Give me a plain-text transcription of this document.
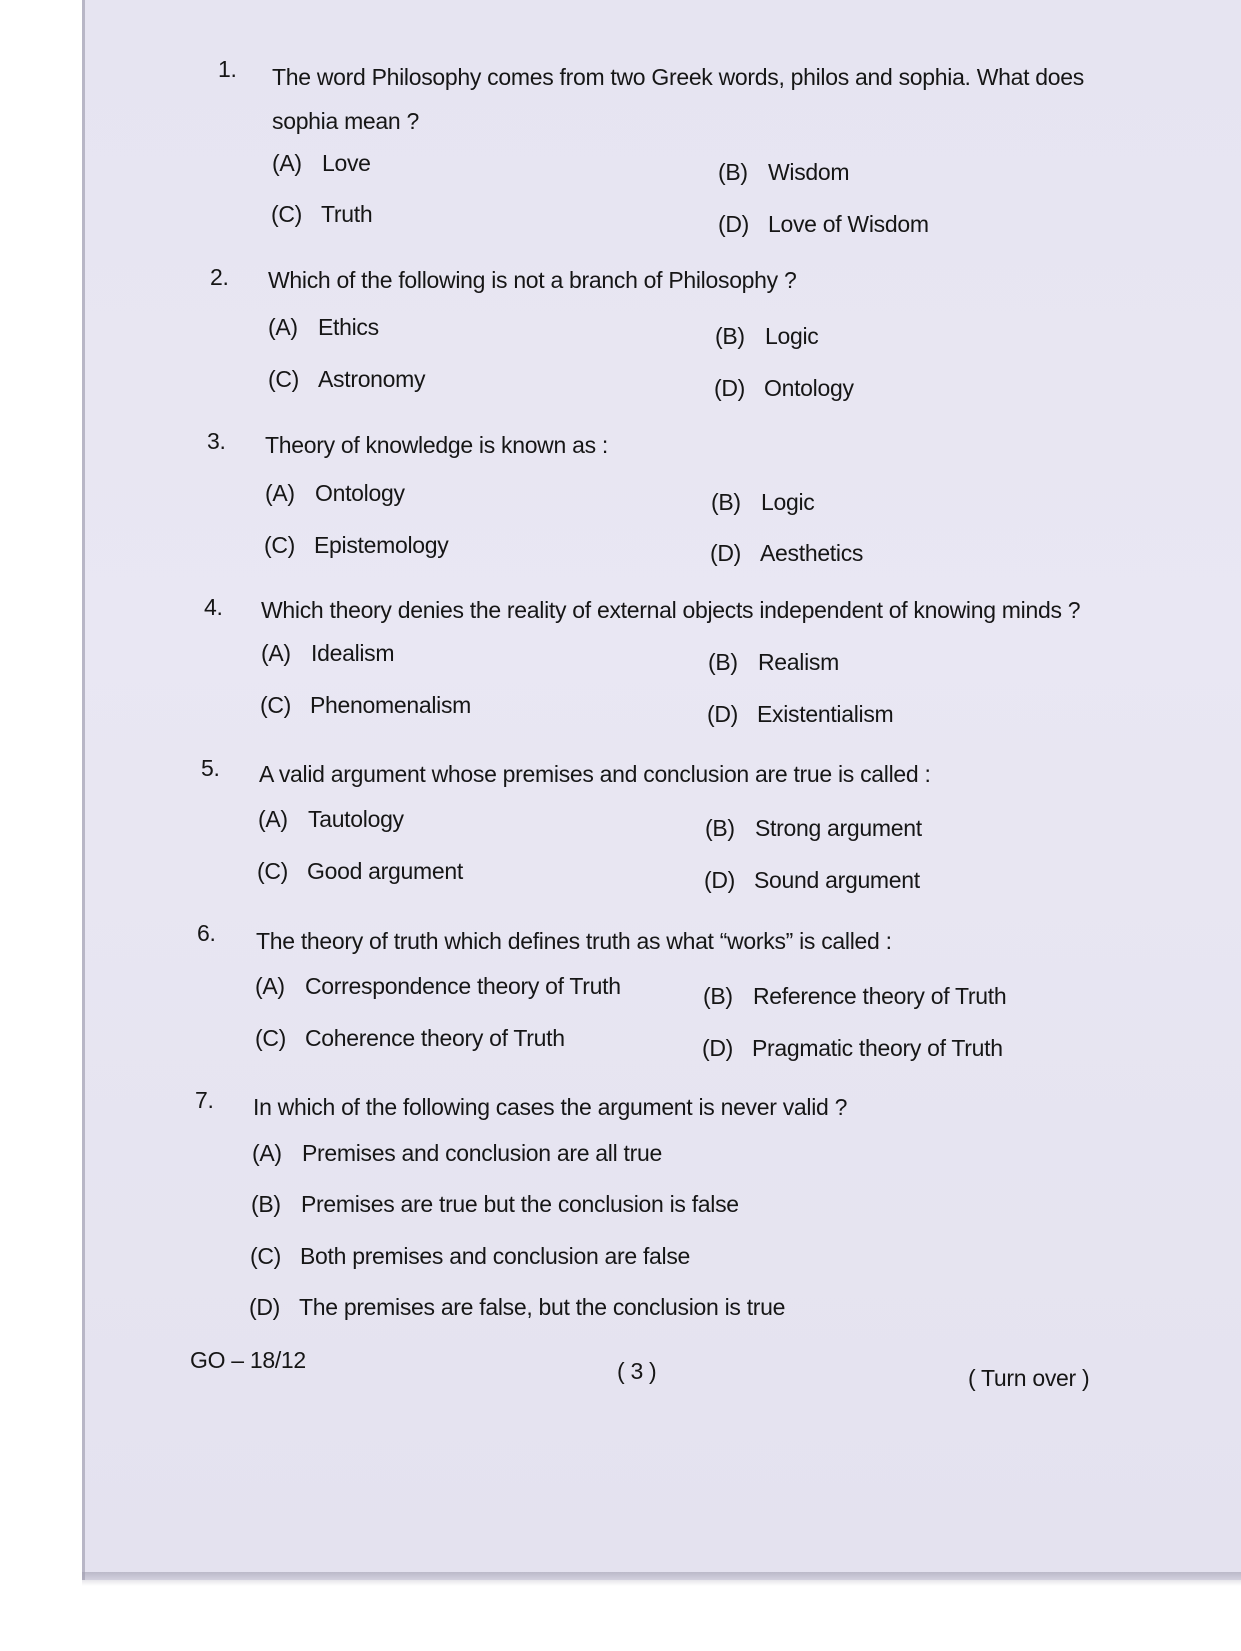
1. The word Philosophy comes from two Greek words, philos and sophia. What does sophia mean ?
(A) Love	(B) Wisdom
(C) Truth	(D) Love of Wisdom
2. Which of the following is not a branch of Philosophy ?
(A) Ethics	(B) Logic
(C) Astronomy	(D) Ontology
3. Theory of knowledge is known as :
(A) Ontology	(B) Logic
(C) Epistemology	(D) Aesthetics
4. Which theory denies the reality of external objects independent of knowing minds ?
(A) Idealism	(B) Realism
(C) Phenomenalism	(D) Existentialism
5. A valid argument whose premises and conclusion are true is called :
(A) Tautology	(B) Strong argument
(C) Good argument	(D) Sound argument
6. The theory of truth which defines truth as what “works” is called :
(A) Correspondence theory of Truth	(B) Reference theory of Truth
(C) Coherence theory of Truth	(D) Pragmatic theory of Truth
7. In which of the following cases the argument is never valid ?
(A) Premises and conclusion are all true
(B) Premises are true but the conclusion is false
(C) Both premises and conclusion are false
(D) The premises are false, but the conclusion is true
GO – 18/12	( 3 )	( Turn over )
